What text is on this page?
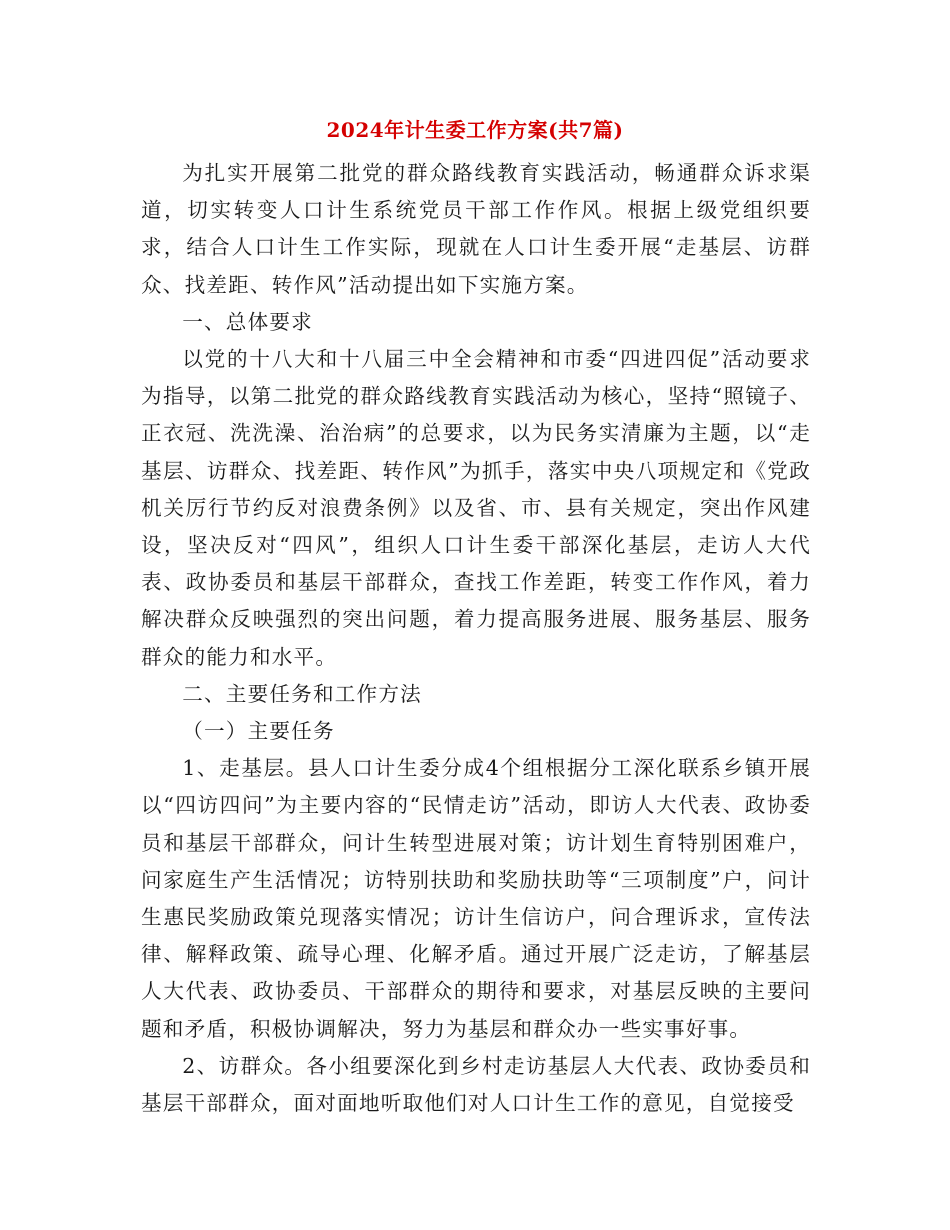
2024年计生委工作方案(共7篇)

为扎实开展第二批党的群众路线教育实践活动，畅通群众诉求渠道，切实转变人口计生系统党员干部工作作风。根据上级党组织要求，结合人口计生工作实际，现就在人口计生委开展“走基层、访群众、找差距、转作风”活动提出如下实施方案。

一、总体要求

以党的十八大和十八届三中全会精神和市委“四进四促”活动要求为指导，以第二批党的群众路线教育实践活动为核心，坚持“照镜子、正衣冠、洗洗澡、治治病”的总要求，以为民务实清廉为主题，以“走基层、访群众、找差距、转作风”为抓手，落实中央八项规定和《党政机关厉行节约反对浪费条例》以及省、市、县有关规定，突出作风建设，坚决反对“四风”，组织人口计生委干部深化基层，走访人大代表、政协委员和基层干部群众，查找工作差距，转变工作作风，着力解决群众反映强烈的突出问题，着力提高服务进展、服务基层、服务群众的能力和水平。

二、主要任务和工作方法

（一）主要任务

1、走基层。县人口计生委分成4个组根据分工深化联系乡镇开展以“四访四问”为主要内容的“民情走访”活动，即访人大代表、政协委员和基层干部群众，问计生转型进展对策；访计划生育特别困难户，问家庭生产生活情况；访特别扶助和奖励扶助等“三项制度”户，问计生惠民奖励政策兑现落实情况；访计生信访户，问合理诉求，宣传法律、解释政策、疏导心理、化解矛盾。通过开展广泛走访，了解基层人大代表、政协委员、干部群众的期待和要求，对基层反映的主要问题和矛盾，积极协调解决，努力为基层和群众办一些实事好事。

2、访群众。各小组要深化到乡村走访基层人大代表、政协委员和基层干部群众，面对面地听取他们对人口计生工作的意见，自觉接受
